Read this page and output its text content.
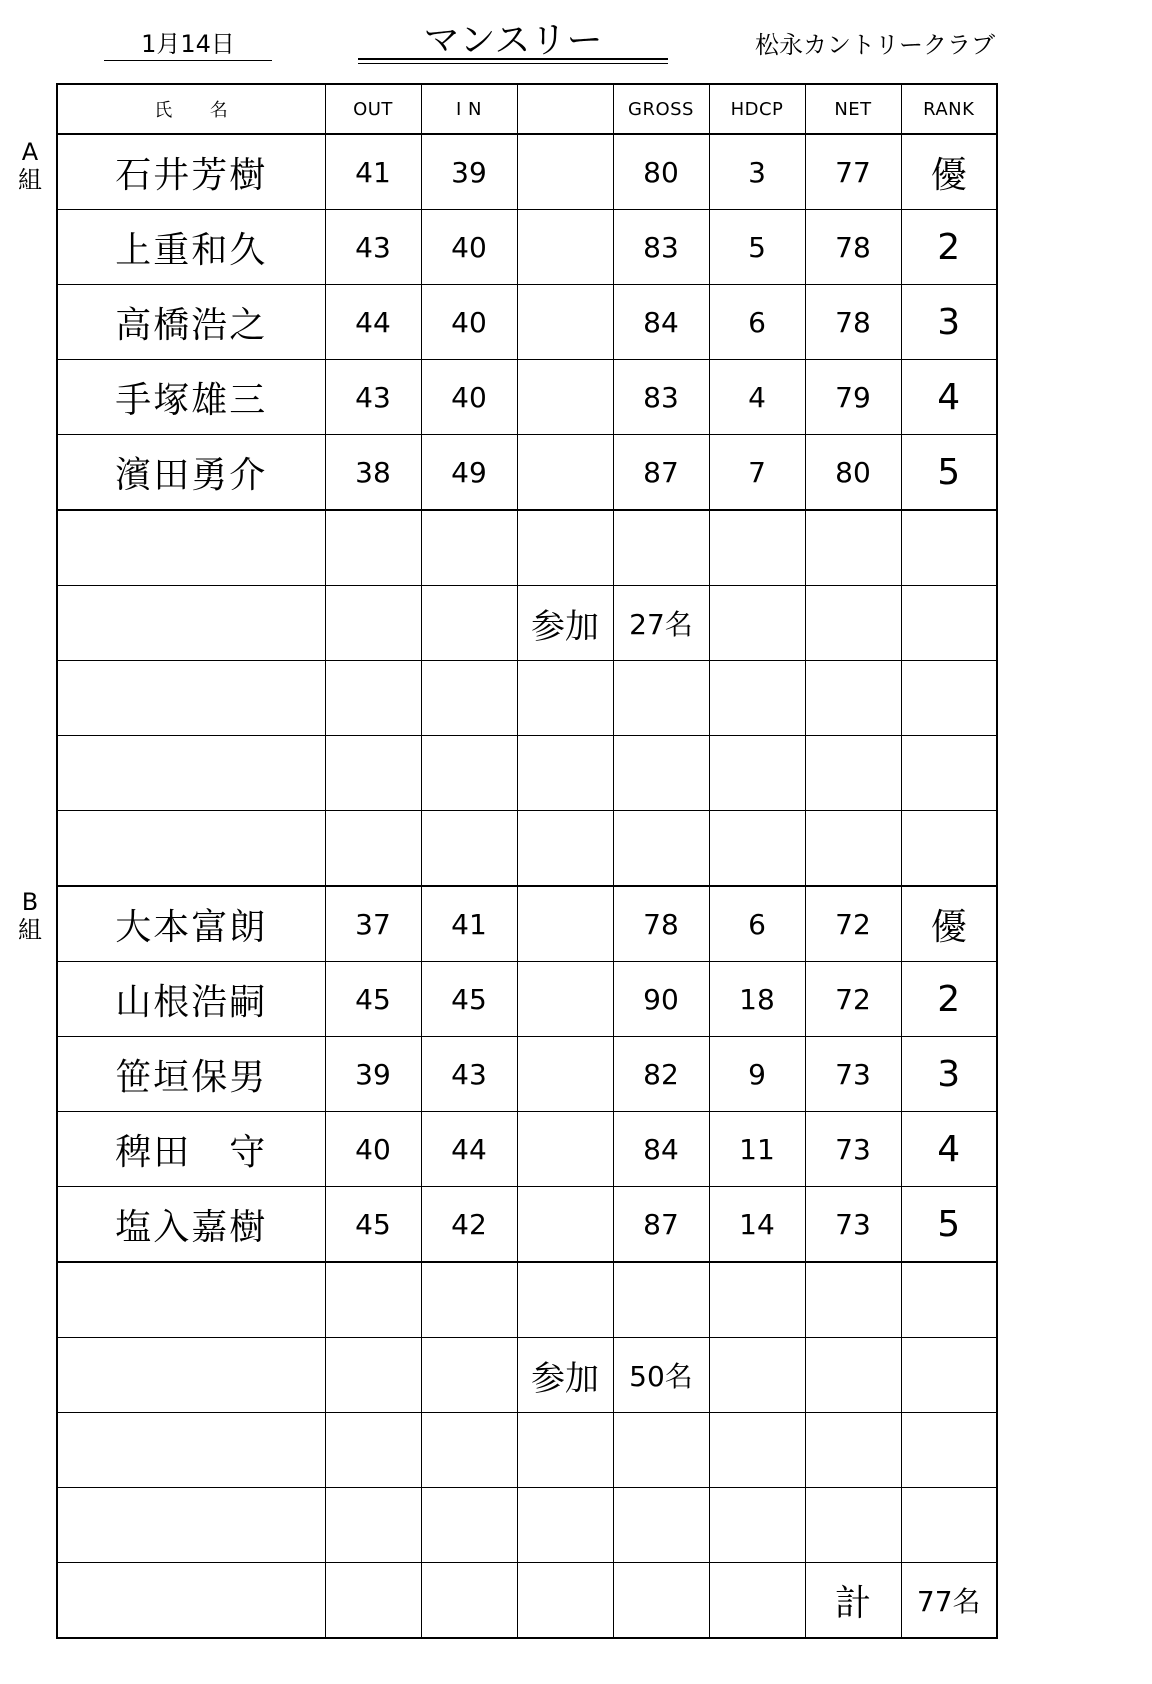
1月14日	マンスリー	松永カントリークラブ
A
組
B
組
氏　　名	OUT	I N		GROSS	HDCP	NET	RANK
石井芳樹	41	39		80	3	77	優
上重和久	43	40		83	5	78	2
高橋浩之	44	40		84	6	78	3
手塚雄三	43	40		83	4	79	4
濱田勇介	38	49		87	7	80	5

			参加	27名			

大本富朗	37	41		78	6	72	優
山根浩嗣	45	45		90	18	72	2
笹垣保男	39	43		82	9	73	3
稗田　守	40	44		84	11	73	4
塩入嘉樹	45	42		87	14	73	5

			参加	50名			

						計	77名
